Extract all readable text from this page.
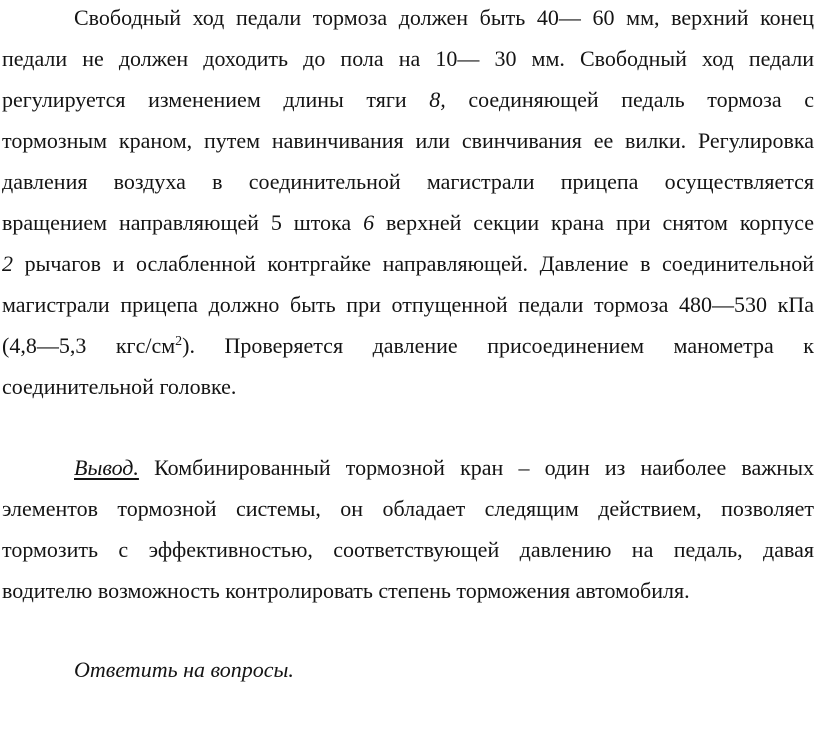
Свободный ход педали тормоза должен быть 40— 60 мм, верхний конец

педали не должен доходить до пола на 10— 30 мм. Свободный ход педали

регулируется изменением длины тяги 8, соединяющей педаль тормоза с

тормозным краном, путем навинчивания или свинчивания ее вилки. Регулировка

давления воздуха в соединительной магистрали прицепа осуществляется

вращением направляющей 5 штока 6 верхней секции крана при снятом корпусе

2 рычагов и ослабленной контргайке направляющей. Давление в соединительной

магистрали прицепа должно быть при отпущенной педали тормоза 480—530 кПа

(4,8—5,3 кгс/$см^2$). Проверяется давление присоединением манометра к

соединительной головке.

Вывод. Комбинированный тормозной кран – один из наиболее важных

элементов тормозной системы, он обладает следящим действием, позволяет

тормозить с эффективностью, соответствующей давлению на педаль, давая

водителю возможность контролировать степень торможения автомобиля.

Ответить на вопросы.
